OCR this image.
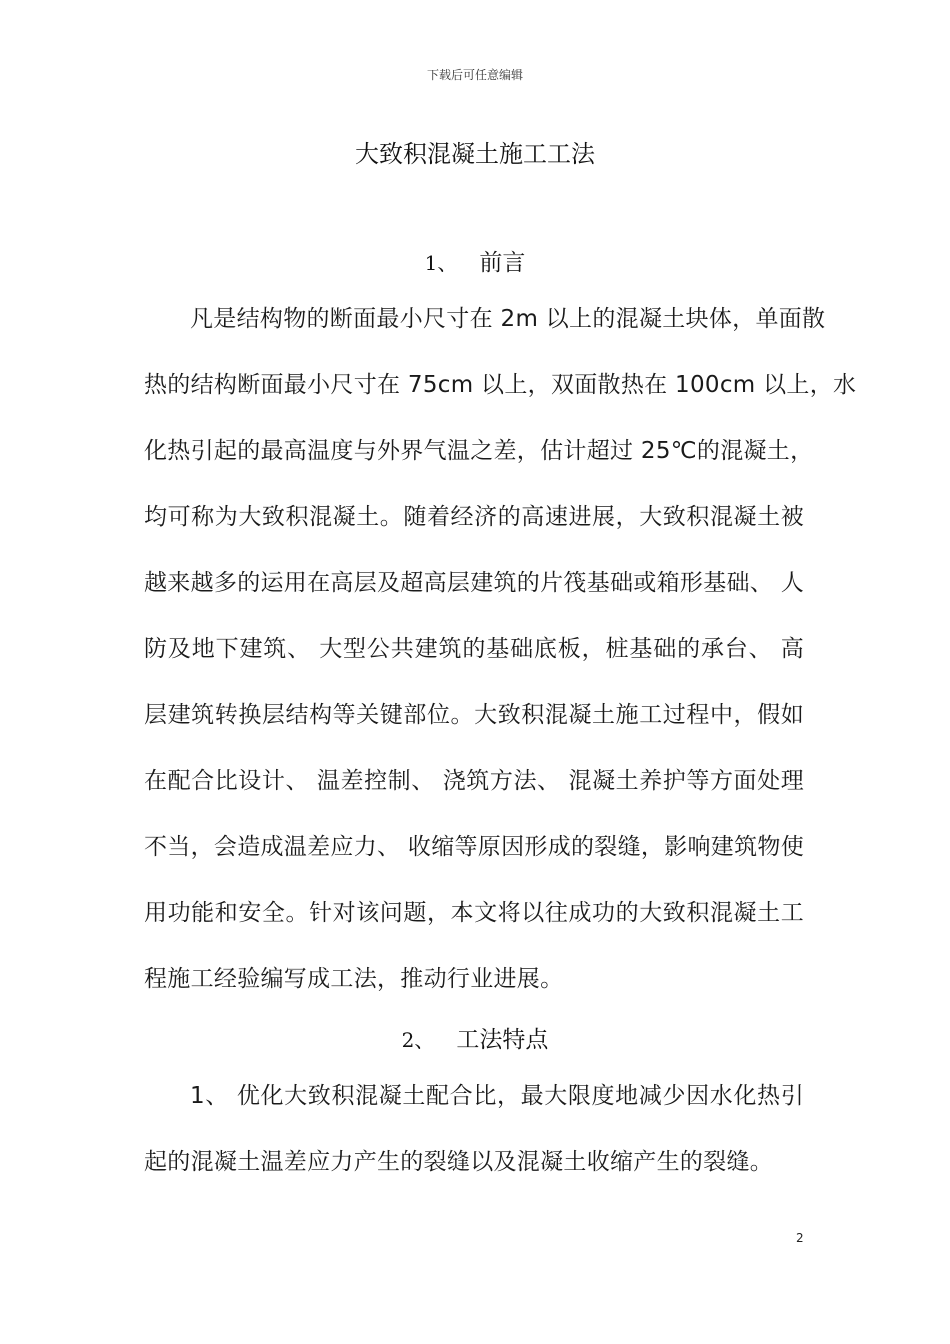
下载后可任意编辑
大致积混凝土施工工法
1、 前言
凡是结构物的断面最小尺寸在 2m 以上的混凝土块体，单面散
热的结构断面最小尺寸在 75cm 以上，双面散热在 100cm 以上，水
化热引起的最高温度与外界气温之差，估计超过 25℃的混凝土，
均可称为大致积混凝土。随着经济的高速进展，大致积混凝土被
越来越多的运用在高层及超高层建筑的片筏基础或箱形基础、 人
防及地下建筑、 大型公共建筑的基础底板，桩基础的承台、 高
层建筑转换层结构等关键部位。大致积混凝土施工过程中，假如
在配合比设计、 温差控制、 浇筑方法、 混凝土养护等方面处理
不当，会造成温差应力、 收缩等原因形成的裂缝，影响建筑物使
用功能和安全。针对该问题，本文将以往成功的大致积混凝土工
程施工经验编写成工法，推动行业进展。
2、 工法特点
1、 优化大致积混凝土配合比，最大限度地减少因水化热引
起的混凝土温差应力产生的裂缝以及混凝土收缩产生的裂缝。
2
